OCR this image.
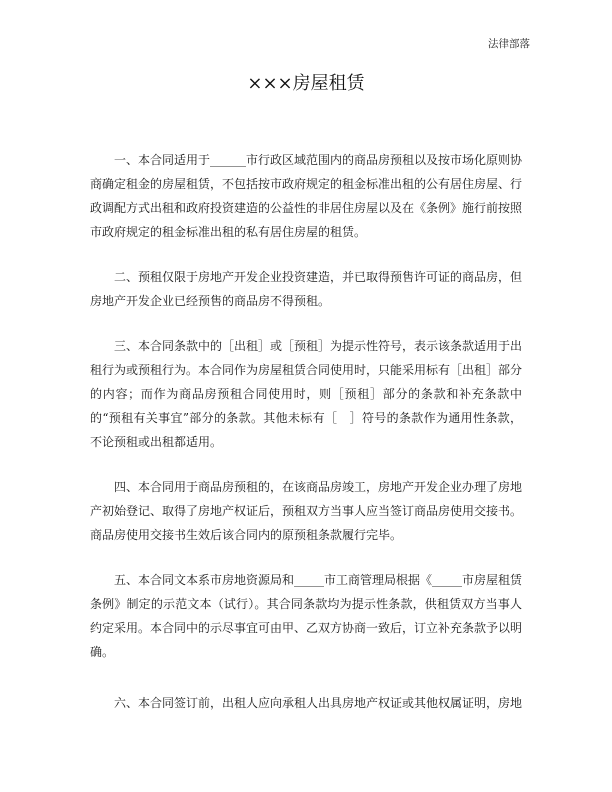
法律部落
×××房屋租赁

一、本合同适用于______市行政区域范围内的商品房预租以及按市场化原则协商确定租金的房屋租赁，不包括按市政府规定的租金标准出租的公有居住房屋、行政调配方式出租和政府投资建造的公益性的非居住房屋以及在《条例》施行前按照市政府规定的租金标准出租的私有居住房屋的租赁。

二、预租仅限于房地产开发企业投资建造，并已取得预售许可证的商品房，但房地产开发企业已经预售的商品房不得预租。

三、本合同条款中的［出租］或［预租］为提示性符号，表示该条款适用于出租行为或预租行为。本合同作为房屋租赁合同使用时，只能采用标有［出租］部分的内容；而作为商品房预租合同使用时，则［预租］部分的条款和补充条款中的“预租有关事宜”部分的条款。其他未标有［　］符号的条款作为通用性条款，不论预租或出租都适用。

四、本合同用于商品房预租的，在该商品房竣工，房地产开发企业办理了房地产初始登记、取得了房地产权证后，预租双方当事人应当签订商品房使用交接书。商品房使用交接书生效后该合同内的原预租条款履行完毕。

五、本合同文本系市房地资源局和_____市工商管理局根据《_____市房屋租赁条例》制定的示范文本（试行）。其合同条款均为提示性条款，供租赁双方当事人约定采用。本合同中的示尽事宜可由甲、乙双方协商一致后，订立补充条款予以明确。

六、本合同签订前，出租人应向承租人出具房地产权证或其他权属证明，房地
